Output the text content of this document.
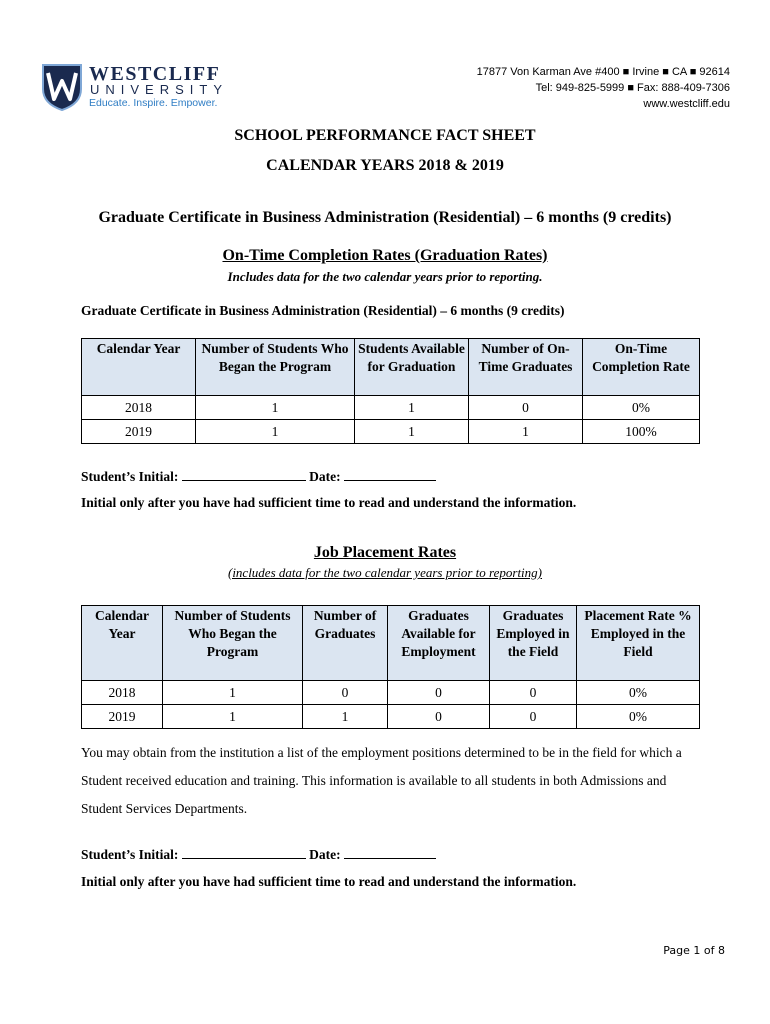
WESTCLIFF
UNIVERSITY
Educate. Inspire. Empower.
17877 Von Karman Ave #400 ■ Irvine ■ CA ■ 92614
Tel: 949-825-5999 ■ Fax: 888-409-7306
www.westcliff.edu
SCHOOL PERFORMANCE FACT SHEET
CALENDAR YEARS 2018 & 2019
Graduate Certificate in Business Administration (Residential) – 6 months (9 credits)
On-Time Completion Rates (Graduation Rates)
Includes data for the two calendar years prior to reporting.
Graduate Certificate in Business Administration (Residential) – 6 months (9 credits)
Calendar Year	Number of Students Who Began the Program	Students Available for Graduation	Number of On-Time Graduates	On-Time Completion Rate
2018	1	1	0	0%
2019	1	1	1	100%
Student’s Initial:	Date:
Initial only after you have had sufficient time to read and understand the information.
Job Placement Rates
(includes data for the two calendar years prior to reporting)
Calendar Year	Number of Students Who Began the Program	Number of Graduates	Graduates Available for Employment	Graduates Employed in the Field	Placement Rate % Employed in the Field
2018	1	0	0	0	0%
2019	1	1	0	0	0%
You may obtain from the institution a list of the employment positions determined to be in the field for which a Student received education and training. This information is available to all students in both Admissions and Student Services Departments.
Student’s Initial:	Date:
Initial only after you have had sufficient time to read and understand the information.
Page 1 of 8
